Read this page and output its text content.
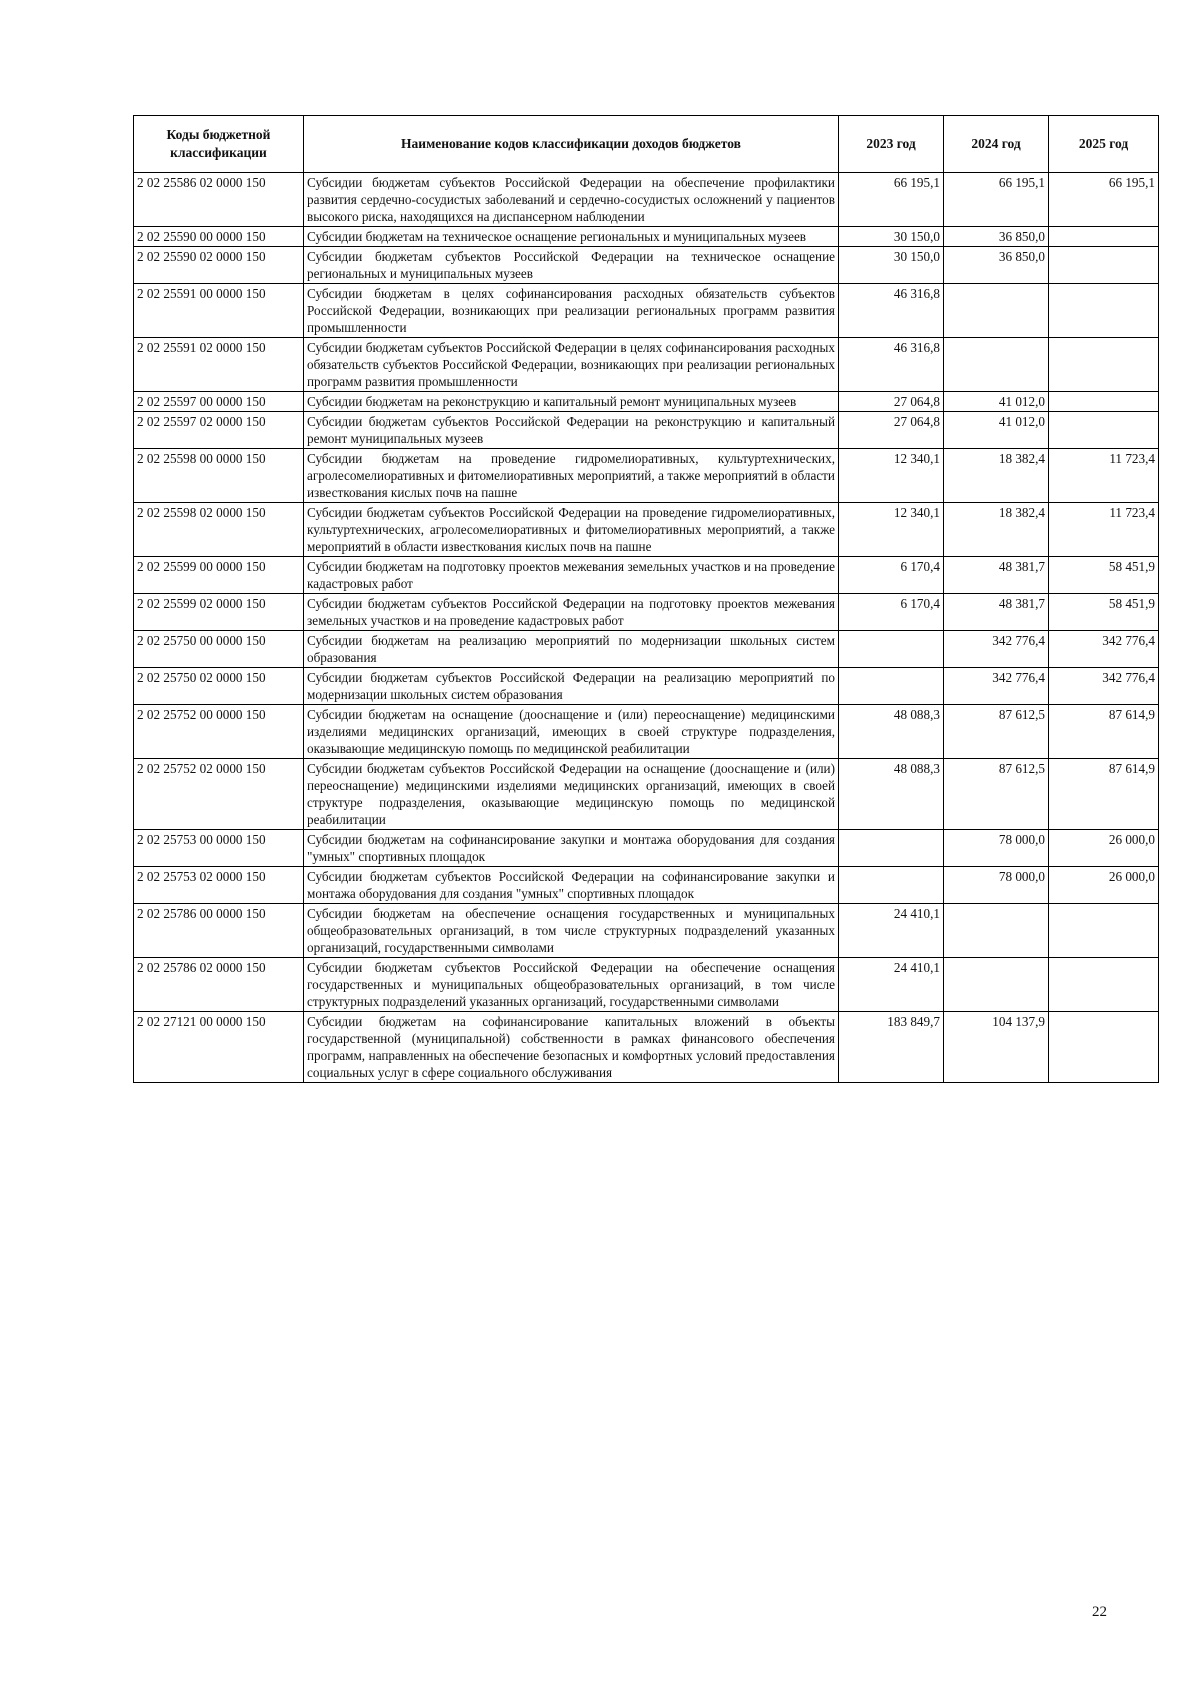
Коды бюджетной классификации	Наименование кодов классификации доходов бюджетов	2023 год	2024 год	2025 год
2 02 25586 02 0000 150	Субсидии бюджетам субъектов Российской Федерации на обеспечение профилактики развития сердечно-сосудистых заболеваний и сердечно-сосудистых осложнений у пациентов высокого риска, находящихся на диспансерном наблюдении	66 195,1	66 195,1	66 195,1
2 02 25590 00 0000 150	Субсидии бюджетам на техническое оснащение региональных и муниципальных музеев	30 150,0	36 850,0	
2 02 25590 02 0000 150	Субсидии бюджетам субъектов Российской Федерации на техническое оснащение региональных и муниципальных музеев	30 150,0	36 850,0	
2 02 25591 00 0000 150	Субсидии бюджетам в целях софинансирования расходных обязательств субъектов Российской Федерации, возникающих при реализации региональных программ развития промышленности	46 316,8		
2 02 25591 02 0000 150	Субсидии бюджетам субъектов Российской Федерации в целях софинансирования расходных обязательств субъектов Российской Федерации, возникающих при реализации региональных программ развития промышленности	46 316,8		
2 02 25597 00 0000 150	Субсидии бюджетам на реконструкцию и капитальный ремонт муниципальных музеев	27 064,8	41 012,0	
2 02 25597 02 0000 150	Субсидии бюджетам субъектов Российской Федерации на реконструкцию и капитальный ремонт муниципальных музеев	27 064,8	41 012,0	
2 02 25598 00 0000 150	Субсидии бюджетам на проведение гидромелиоративных, культуртехнических, агролесомелиоративных и фитомелиоративных мероприятий, а также мероприятий в области известкования кислых почв на пашне	12 340,1	18 382,4	11 723,4
2 02 25598 02 0000 150	Субсидии бюджетам субъектов Российской Федерации на проведение гидромелиоративных, культуртехнических, агролесомелиоративных и фитомелиоративных мероприятий, а также мероприятий в области известкования кислых почв на пашне	12 340,1	18 382,4	11 723,4
2 02 25599 00 0000 150	Субсидии бюджетам на подготовку проектов межевания земельных участков и на проведение кадастровых работ	6 170,4	48 381,7	58 451,9
2 02 25599 02 0000 150	Субсидии бюджетам субъектов Российской Федерации на подготовку проектов межевания земельных участков и на проведение кадастровых работ	6 170,4	48 381,7	58 451,9
2 02 25750 00 0000 150	Субсидии бюджетам на реализацию мероприятий по модернизации школьных систем образования		342 776,4	342 776,4
2 02 25750 02 0000 150	Субсидии бюджетам субъектов Российской Федерации на реализацию мероприятий по модернизации школьных систем образования		342 776,4	342 776,4
2 02 25752 00 0000 150	Субсидии бюджетам на оснащение (дооснащение и (или) переоснащение) медицинскими изделиями медицинских организаций, имеющих в своей структуре подразделения, оказывающие медицинскую помощь по медицинской реабилитации	48 088,3	87 612,5	87 614,9
2 02 25752 02 0000 150	Субсидии бюджетам субъектов Российской Федерации на оснащение (дооснащение и (или) переоснащение) медицинскими изделиями медицинских организаций, имеющих в своей структуре подразделения, оказывающие медицинскую помощь по медицинской реабилитации	48 088,3	87 612,5	87 614,9
2 02 25753 00 0000 150	Субсидии бюджетам на софинансирование закупки и монтажа оборудования для создания "умных" спортивных площадок		78 000,0	26 000,0
2 02 25753 02 0000 150	Субсидии бюджетам субъектов Российской Федерации на софинансирование закупки и монтажа оборудования для создания "умных" спортивных площадок		78 000,0	26 000,0
2 02 25786 00 0000 150	Субсидии бюджетам на обеспечение оснащения государственных и муниципальных общеобразовательных организаций, в том числе структурных подразделений указанных организаций, государственными символами	24 410,1		
2 02 25786 02 0000 150	Субсидии бюджетам субъектов Российской Федерации на обеспечение оснащения государственных и муниципальных общеобразовательных организаций, в том числе структурных подразделений указанных организаций, государственными символами	24 410,1		
2 02 27121 00 0000 150	Субсидии бюджетам на софинансирование капитальных вложений в объекты государственной (муниципальной) собственности в рамках финансового обеспечения программ, направленных на обеспечение безопасных и комфортных условий предоставления социальных услуг в сфере социального обслуживания	183 849,7	104 137,9	
22
